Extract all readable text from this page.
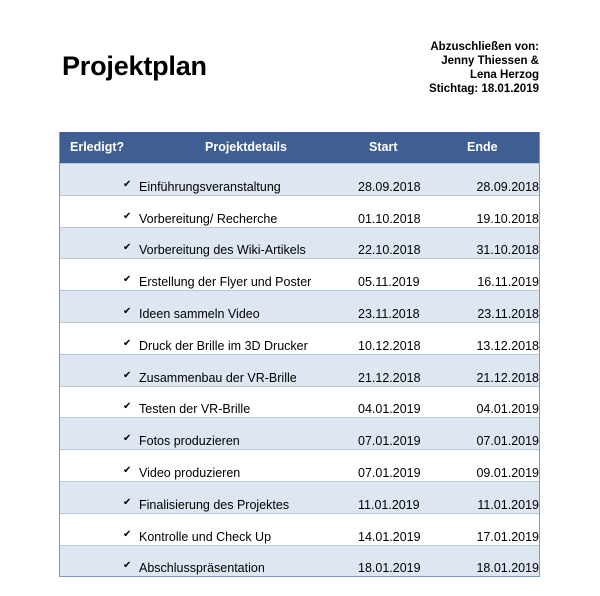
Projektplan
Abzuschließen von:
Jenny Thiessen &
Lena Herzog
Stichtag: 18.01.2019
Erledigt?	Projektdetails	Start	Ende
✔ Einführungsveranstaltung	28.09.2018	28.09.2018
✔ Vorbereitung/ Recherche	01.10.2018	19.10.2018
✔ Vorbereitung des Wiki-Artikels	22.10.2018	31.10.2018
✔ Erstellung der Flyer und Poster	05.11.2019	16.11.2019
✔ Ideen sammeln Video	23.11.2018	23.11.2018
✔ Druck der Brille im 3D Drucker	10.12.2018	13.12.2018
✔ Zusammenbau der VR-Brille	21.12.2018	21.12.2018
✔ Testen der VR-Brille	04.01.2019	04.01.2019
✔ Fotos produzieren	07.01.2019	07.01.2019
✔ Video produzieren	07.01.2019	09.01.2019
✔ Finalisierung des Projektes	11.01.2019	11.01.2019
✔ Kontrolle und Check Up	14.01.2019	17.01.2019
✔ Abschlusspräsentation	18.01.2019	18.01.2019
